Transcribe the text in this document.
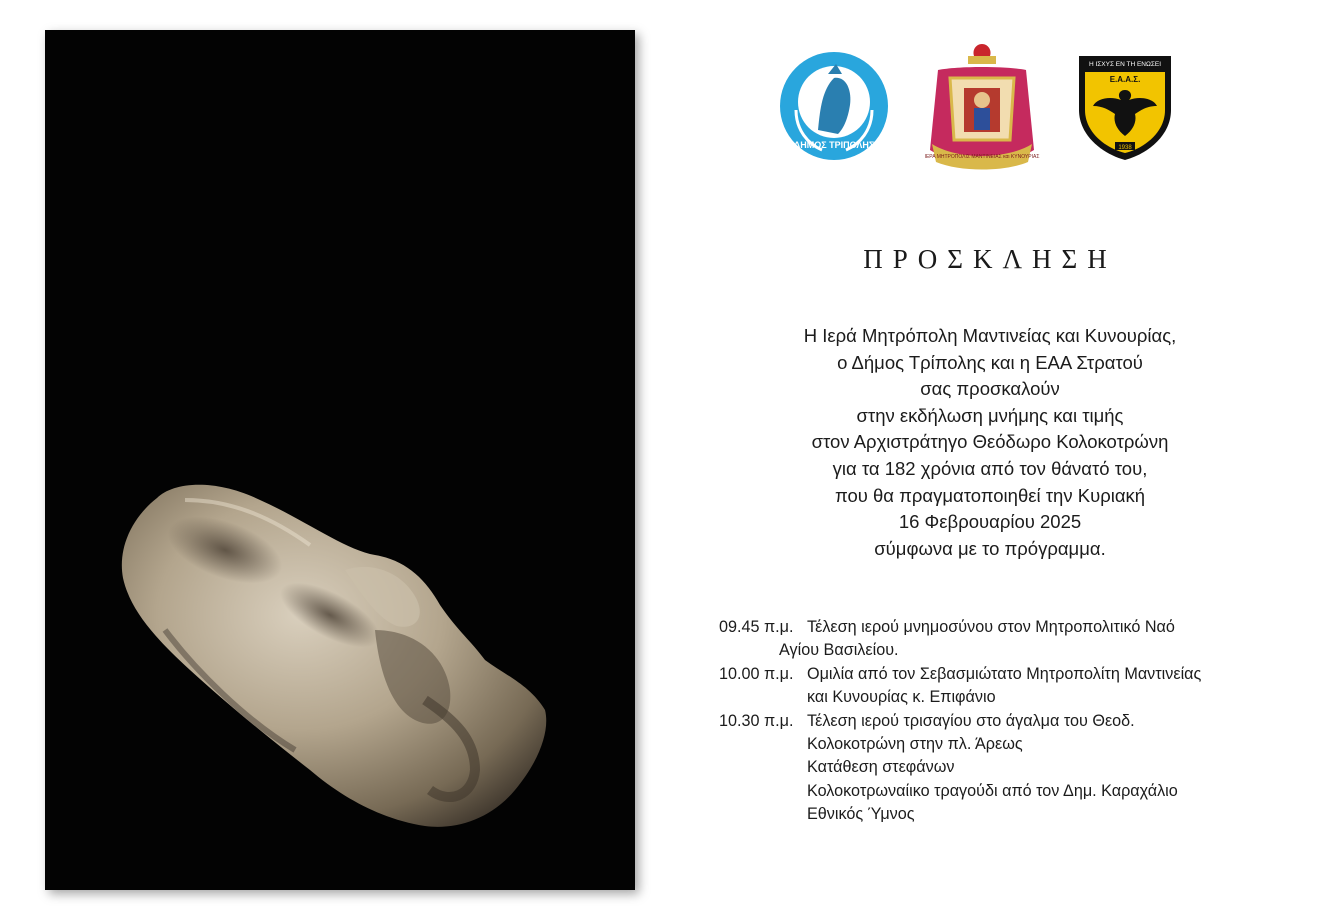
ΔΗΜΟΣ ΤΡΙΠΟΛΗΣ
ΙΕΡΑ ΜΗΤΡΟΠΟΛΙΣ ΜΑΝΤΙΝΕΙΑΣ και ΚΥΝΟΥΡΙΑΣ
Η ΙΣΧΥΣ ΕΝ ΤΗ ΕΝΩΣΕΙ
Ε.Α.Α.Σ.
1938
ΠΡΟΣΚΛΗΣΗ
Η Ιερά Μητρόπολη Μαντινείας και Κυνουρίας,
ο Δήμος Τρίπολης και η ΕΑΑ Στρατού
σας προσκαλούν
στην εκδήλωση μνήμης και τιμής
στον Αρχιστράτηγο Θεόδωρο Κολοκοτρώνη
για τα 182 χρόνια από τον θάνατό του,
που θα πραγματοποιηθεί την Κυριακή
16 Φεβρουαρίου 2025
σύμφωνα με το πρόγραμμα.
09.45 π.μ. Τέλεση ιερού μνημοσύνου στον Μητροπολιτικό Ναό
Αγίου Βασιλείου.
10.00 π.μ. Ομιλία από τον Σεβασμιώτατο Μητροπολίτη Μαντινείας
και Κυνουρίας κ. Επιφάνιο
10.30 π.μ. Τέλεση ιερού τρισαγίου στο άγαλμα του Θεοδ.
Κολοκοτρώνη στην πλ. Άρεως
Κατάθεση στεφάνων
Κολοκοτρωναίικο τραγούδι από τον Δημ. Καραχάλιο
Εθνικός Ύμνος
